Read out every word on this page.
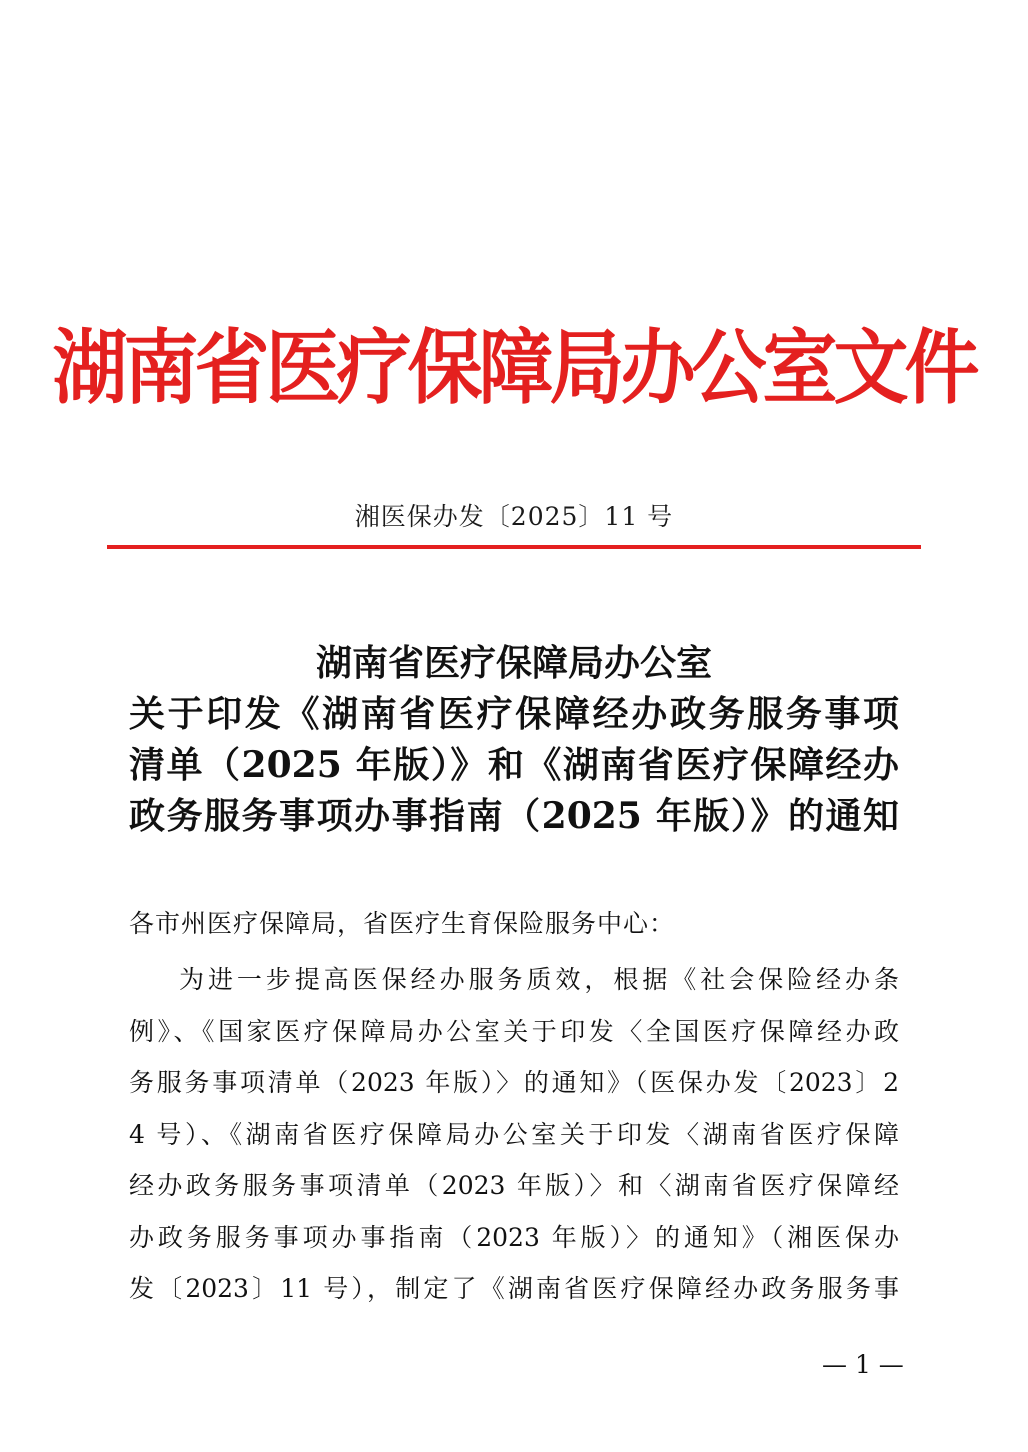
湖南省医疗保障局办公室文件
湘医保办发〔2025〕11 号
湖南省医疗保障局办公室
关于印发《湖南省医疗保障经办政务服务事项
清单（2025 年版）》和《湖南省医疗保障经办
政务服务事项办事指南（2025 年版）》的通知
各市州医疗保障局，省医疗生育保险服务中心：
为进一步提高医保经办服务质效，根据《社会保险经办条
例》、《国家医疗保障局办公室关于印发〈全国医疗保障经办政
务服务事项清单（2023 年版）〉的通知》（医保办发〔2023〕2
4 号）、《湖南省医疗保障局办公室关于印发〈湖南省医疗保障
经办政务服务事项清单（2023 年版）〉和〈湖南省医疗保障经
办政务服务事项办事指南（2023 年版）〉的通知》（湘医保办
发〔2023〕11 号），制定了《湖南省医疗保障经办政务服务事
— 1 —
